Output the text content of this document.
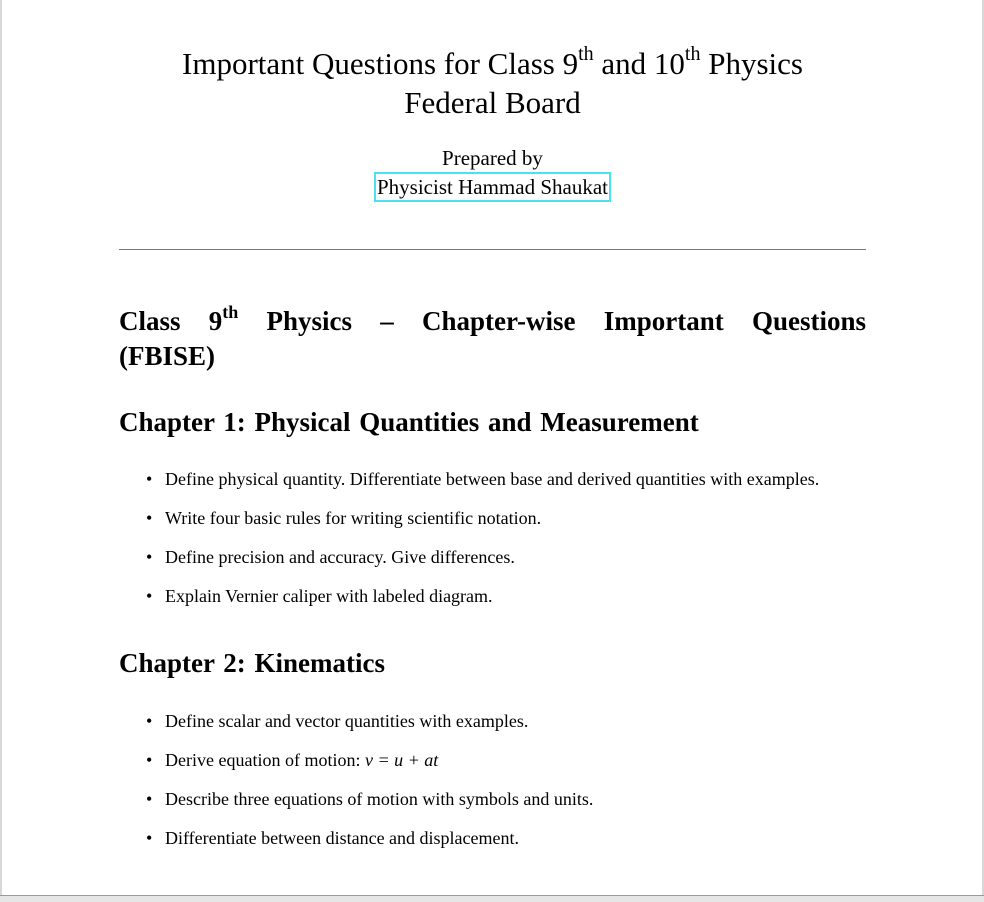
Important Questions for Class 9th and 10th Physics
Federal Board
Prepared by
Physicist Hammad Shaukat
Class 9th Physics – Chapter-wise Important Questions (FBISE)
Chapter 1: Physical Quantities and Measurement
• Define physical quantity. Differentiate between base and derived quantities with examples.
• Write four basic rules for writing scientific notation.
• Define precision and accuracy. Give differences.
• Explain Vernier caliper with labeled diagram.
Chapter 2: Kinematics
• Define scalar and vector quantities with examples.
• Derive equation of motion: v = u + at
• Describe three equations of motion with symbols and units.
• Differentiate between distance and displacement.
